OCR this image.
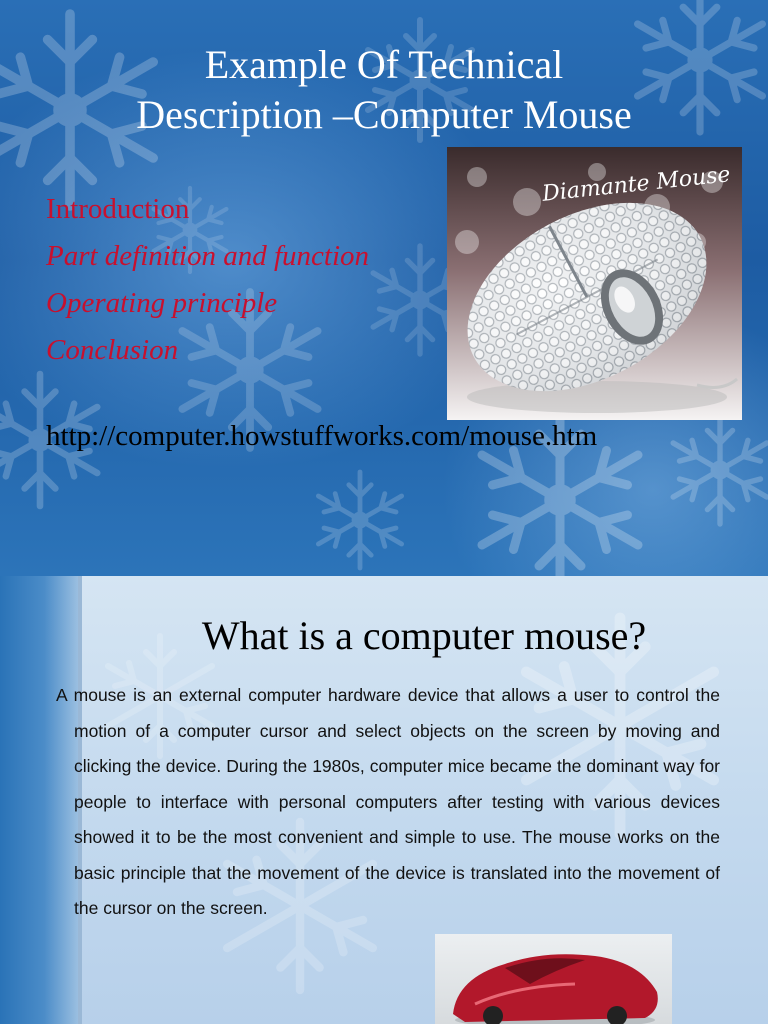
Example Of Technical
Description –Computer Mouse
Introduction
Part definition and function
Operating principle
Conclusion
http://computer.howstuffworks.com/mouse.htm
Diamante Mouse
What is a computer mouse?

A mouse is an external computer hardware device that allows a user to control the motion of a computer cursor and select objects on the screen by moving and clicking the device. During the 1980s, computer mice became the dominant way for people to interface with personal computers after testing with various devices showed it to be the most convenient and simple to use. The mouse works on the basic principle that the movement of the device is translated into the movement of the cursor on the screen.
